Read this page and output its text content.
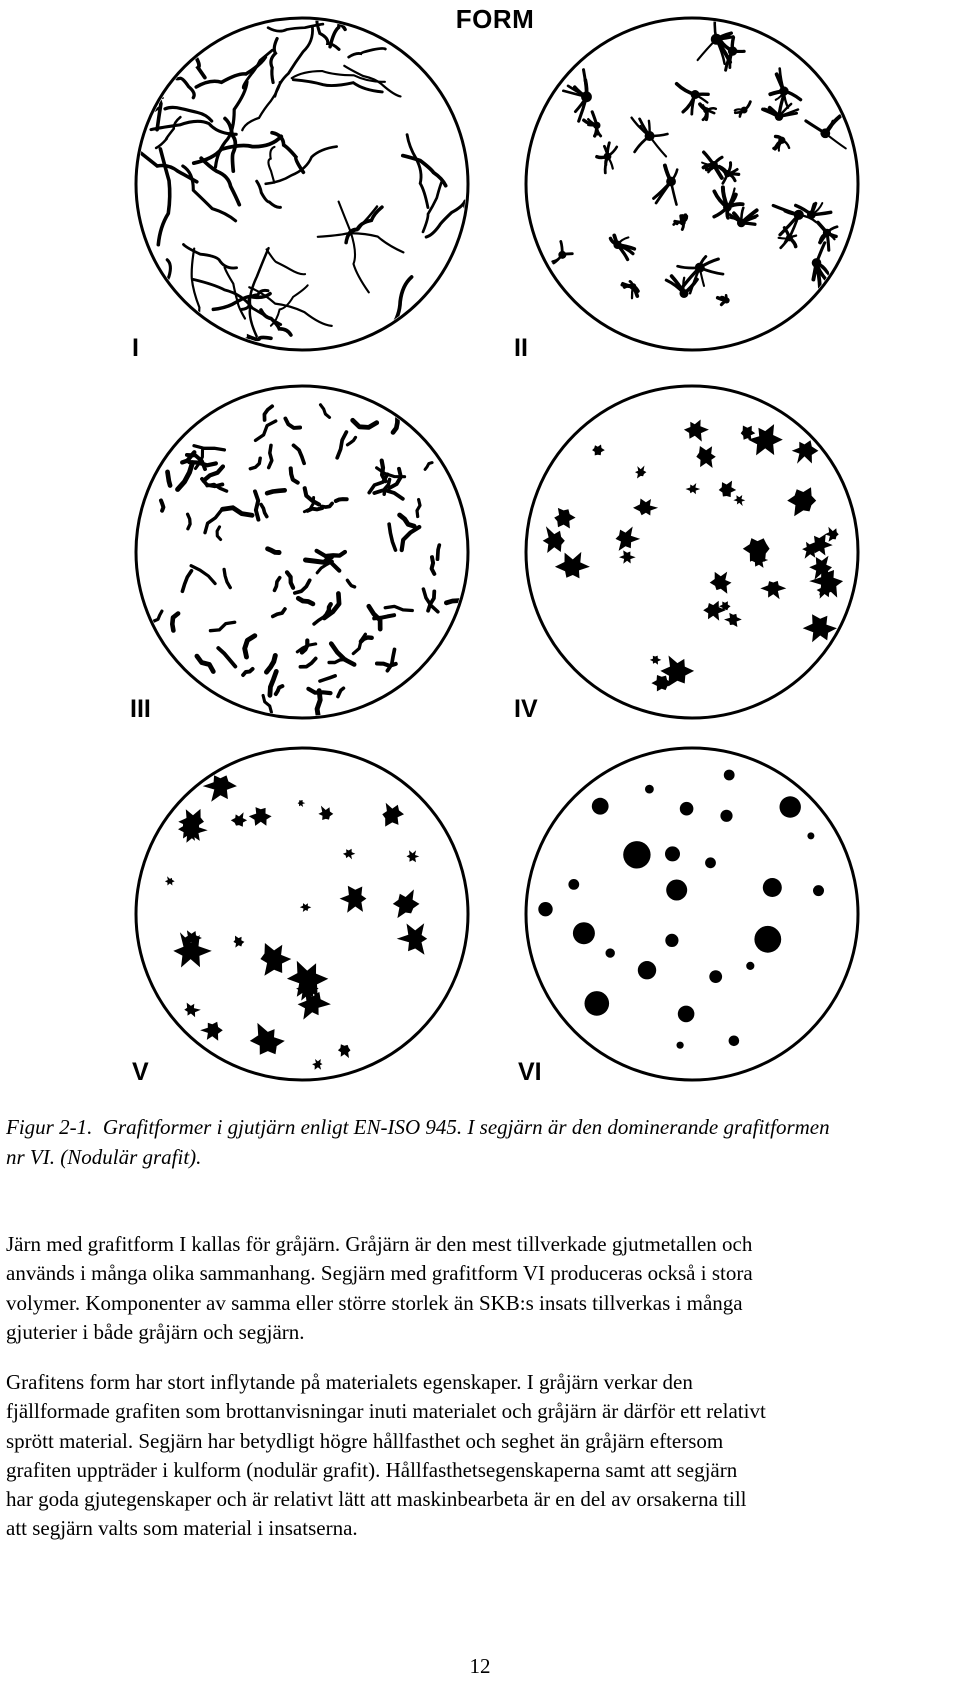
FORM
I	II
III	IV
V	VI
Figur 2-1. Grafitformer i gjutjärn enligt EN-ISO 945. I segjärn är den dominerande grafitformen
nr VI. (Nodulär grafit).
Järn med grafitform I kallas för gråjärn. Gråjärn är den mest tillverkade gjutmetallen och
används i många olika sammanhang. Segjärn med grafitform VI produceras också i stora
volymer. Komponenter av samma eller större storlek än SKB:s insats tillverkas i många
gjuterier i både gråjärn och segjärn.
Grafitens form har stort inflytande på materialets egenskaper. I gråjärn verkar den
fjällformade grafiten som brottanvisningar inuti materialet och gråjärn är därför ett relativt
sprött material. Segjärn har betydligt högre hållfasthet och seghet än gråjärn eftersom
grafiten uppträder i kulform (nodulär grafit). Hållfasthetsegenskaperna samt att segjärn
har goda gjutegenskaper och är relativt lätt att maskinbearbeta är en del av orsakerna till
att segjärn valts som material i insatserna.
12
